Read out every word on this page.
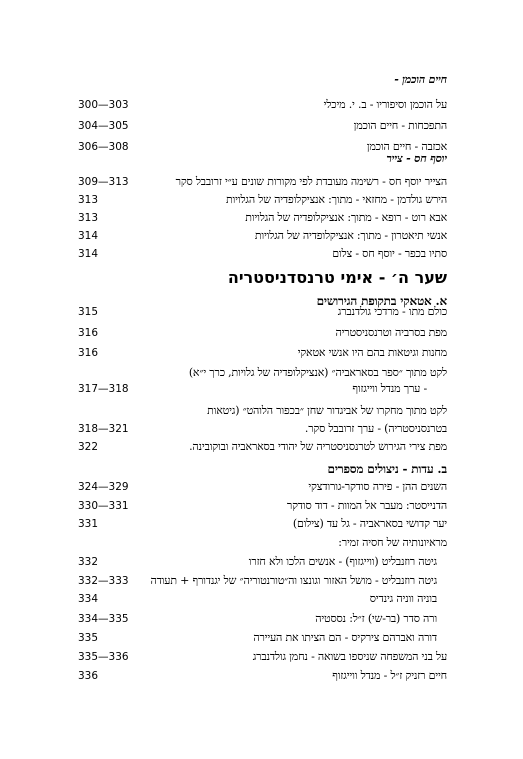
חיים הוכמן -
על הוכמן וסיפוריו - ב. י. מיכלי
300—303
התפכחות - חיים הוכמן
304—305
אכזבה - חיים הוכמן
306—308
יוסף חס - צייר
הצייר יוסף חס - רשימה מעובדת לפי מקורות שונים ע״י זרובבל סקר
309—313
הירש גולדמן - מחזאי - מתוך: אנציקלופדיה של הגלויות
313
אבא רוט - רופא - מתוך: אנציקלופדיה של הגלויות
313
אנשי תיאטרון - מתוך: אנציקלופדיה של הגלויות
314
סתיו בכפר - יוסף חס - צלום
314
שער ה׳ - אימי טרנסדניסטריה
א. אטאקי בתקופת הגירושים
כולם מתו - מרדכי גולדנברג
315
מפת בסרביה וטרנסניסטריה
316
מחנות וגיטאות בהם היו אנשי אטאקי
316
לקט מתוך ״ספר בסאראביה״ (אנציקלופדיה של גלויות, כרך י״א)
- ערך מנדל ווייגזוף
317—318
לקט מתוך מחקרו של אביגדור שחן ״בכפור הלוהט״ (גיטאות
בטרנסניסטריה) - ערך זרובבל סקר.
318—321
מפת צירי הגירוש לטרנסניסטריה של יהודי בסאראביה ובוקובינה.
322
ב. עדות - ניצולים מספרים
השנים ההן - פירה סודקר-גורודצקי
324—329
הדנייסטר: מעבר אל המוות - דוד סודקר
330—331
יער קדושי בסאראביה - גל עד (צילום)
331
מראיונותיה של חסיה זמיר:
גיטה רוזנבליט (ווייגזוף) - אנשים הלכו ולא חזרו
332
גיטה רוזנבליט - מושל האזור וגונצו וה״טורנטוריה״ של יגנדורף + תעודה
332—333
בוניה ווניה גינדיס
334
ורה סדר (בר-שי) ז״ל: נססטיה
334—335
דורה ואברהם צירקיס - הם הציתו את העיירה
335
על בני המשפחה שניספו בשואה - נחמן גולדנברג
335—336
חיים רזניק ז״ל - מנדל ווייגזוף
336
